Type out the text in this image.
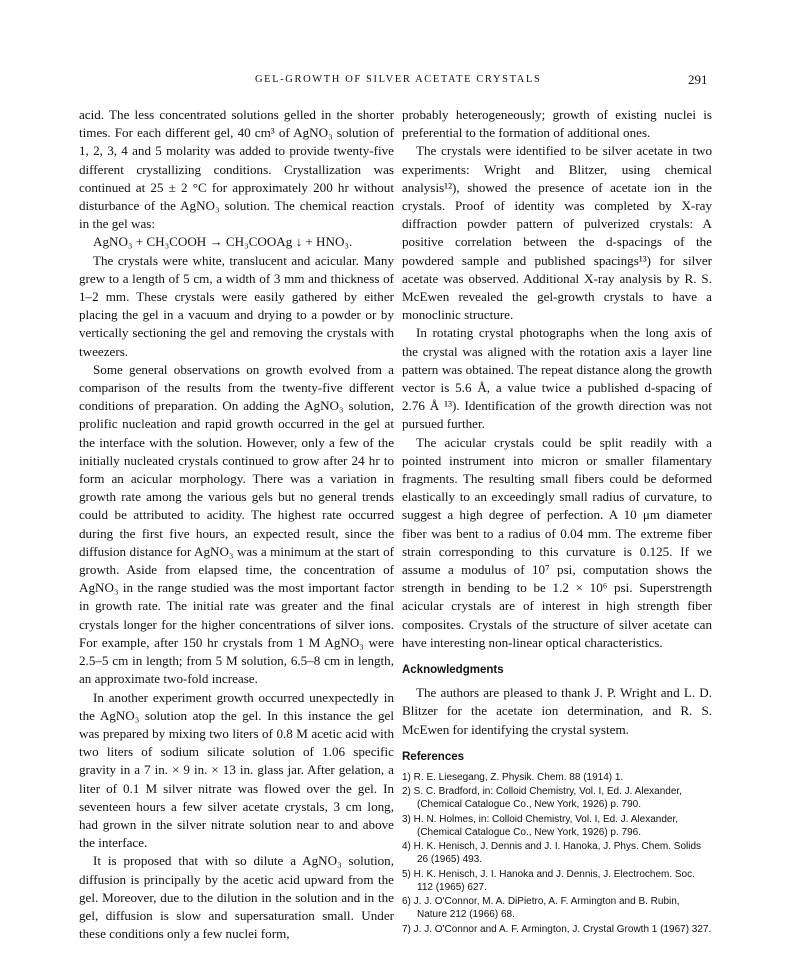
GEL-GROWTH OF SILVER ACETATE CRYSTALS	291

acid. The less concentrated solutions gelled in the shorter times. For each different gel, 40 cm³ of AgNO₃ solution of 1, 2, 3, 4 and 5 molarity was added to provide twenty-five different crystallizing conditions. Crystallization was continued at 25 ± 2 °C for approximately 200 hr without disturbance of the AgNO₃ solution. The chemical reaction in the gel was:

AgNO₃ + CH₃COOH → CH₃COOAg ↓ + HNO₃.

The crystals were white, translucent and acicular. Many grew to a length of 5 cm, a width of 3 mm and thickness of 1–2 mm. These crystals were easily gathered by either placing the gel in a vacuum and drying to a powder or by vertically sectioning the gel and removing the crystals with tweezers.

Some general observations on growth evolved from a comparison of the results from the twenty-five different conditions of preparation. On adding the AgNO₃ solution, prolific nucleation and rapid growth occurred in the gel at the interface with the solution. However, only a few of the initially nucleated crystals continued to grow after 24 hr to form an acicular morphology. There was a variation in growth rate among the various gels but no general trends could be attributed to acidity. The highest rate occurred during the first five hours, an expected result, since the diffusion distance for AgNO₃ was a minimum at the start of growth. Aside from elapsed time, the concentration of AgNO₃ in the range studied was the most important factor in growth rate. The initial rate was greater and the final crystals longer for the higher concentrations of silver ions. For example, after 150 hr crystals from 1 M AgNO₃ were 2.5–5 cm in length; from 5 M solution, 6.5–8 cm in length, an approximate two-fold increase.

In another experiment growth occurred unexpectedly in the AgNO₃ solution atop the gel. In this instance the gel was prepared by mixing two liters of 0.8 M acetic acid with two liters of sodium silicate solution of 1.06 specific gravity in a 7 in. × 9 in. × 13 in. glass jar. After gelation, a liter of 0.1 M silver nitrate was flowed over the gel. In seventeen hours a few silver acetate crystals, 3 cm long, had grown in the silver nitrate solution near to and above the interface.

It is proposed that with so dilute a AgNO₃ solution, diffusion is principally by the acetic acid upward from the gel. Moreover, due to the dilution in the solution and in the gel, diffusion is slow and supersaturation small. Under these conditions only a few nuclei form,

probably heterogeneously; growth of existing nuclei is preferential to the formation of additional ones.

The crystals were identified to be silver acetate in two experiments: Wright and Blitzer, using chemical analysis¹²), showed the presence of acetate ion in the crystals. Proof of identity was completed by X-ray diffraction powder pattern of pulverized crystals: A positive correlation between the d-spacings of the powdered sample and published spacings¹³) for silver acetate was observed. Additional X-ray analysis by R. S. McEwen revealed the gel-growth crystals to have a monoclinic structure.

In rotating crystal photographs when the long axis of the crystal was aligned with the rotation axis a layer line pattern was obtained. The repeat distance along the growth vector is 5.6 Å, a value twice a published d-spacing of 2.76 Å ¹³). Identification of the growth direction was not pursued further.

The acicular crystals could be split readily with a pointed instrument into micron or smaller filamentary fragments. The resulting small fibers could be deformed elastically to an exceedingly small radius of curvature, to suggest a high degree of perfection. A 10 μm diameter fiber was bent to a radius of 0.04 mm. The extreme fiber strain corresponding to this curvature is 0.125. If we assume a modulus of 10⁷ psi, computation shows the strength in bending to be 1.2 × 10⁶ psi. Superstrength acicular crystals are of interest in high strength fiber composites. Crystals of the structure of silver acetate can have interesting non-linear optical characteristics.

Acknowledgments

The authors are pleased to thank J. P. Wright and L. D. Blitzer for the acetate ion determination, and R. S. McEwen for identifying the crystal system.

References
1) R. E. Liesegang, Z. Physik. Chem. 88 (1914) 1.
2) S. C. Bradford, in: Colloid Chemistry, Vol. I, Ed. J. Alexander, (Chemical Catalogue Co., New York, 1926) p. 790.
3) H. N. Holmes, in: Colloid Chemistry, Vol. I, Ed. J. Alexander, (Chemical Catalogue Co., New York, 1926) p. 796.
4) H. K. Henisch, J. Dennis and J. I. Hanoka, J. Phys. Chem. Solids 26 (1965) 493.
5) H. K. Henisch, J. I. Hanoka and J. Dennis, J. Electrochem. Soc. 112 (1965) 627.
6) J. J. O'Connor, M. A. DiPietro, A. F. Armington and B. Rubin, Nature 212 (1966) 68.
7) J. J. O'Connor and A. F. Armington, J. Crystal Growth 1 (1967) 327.
